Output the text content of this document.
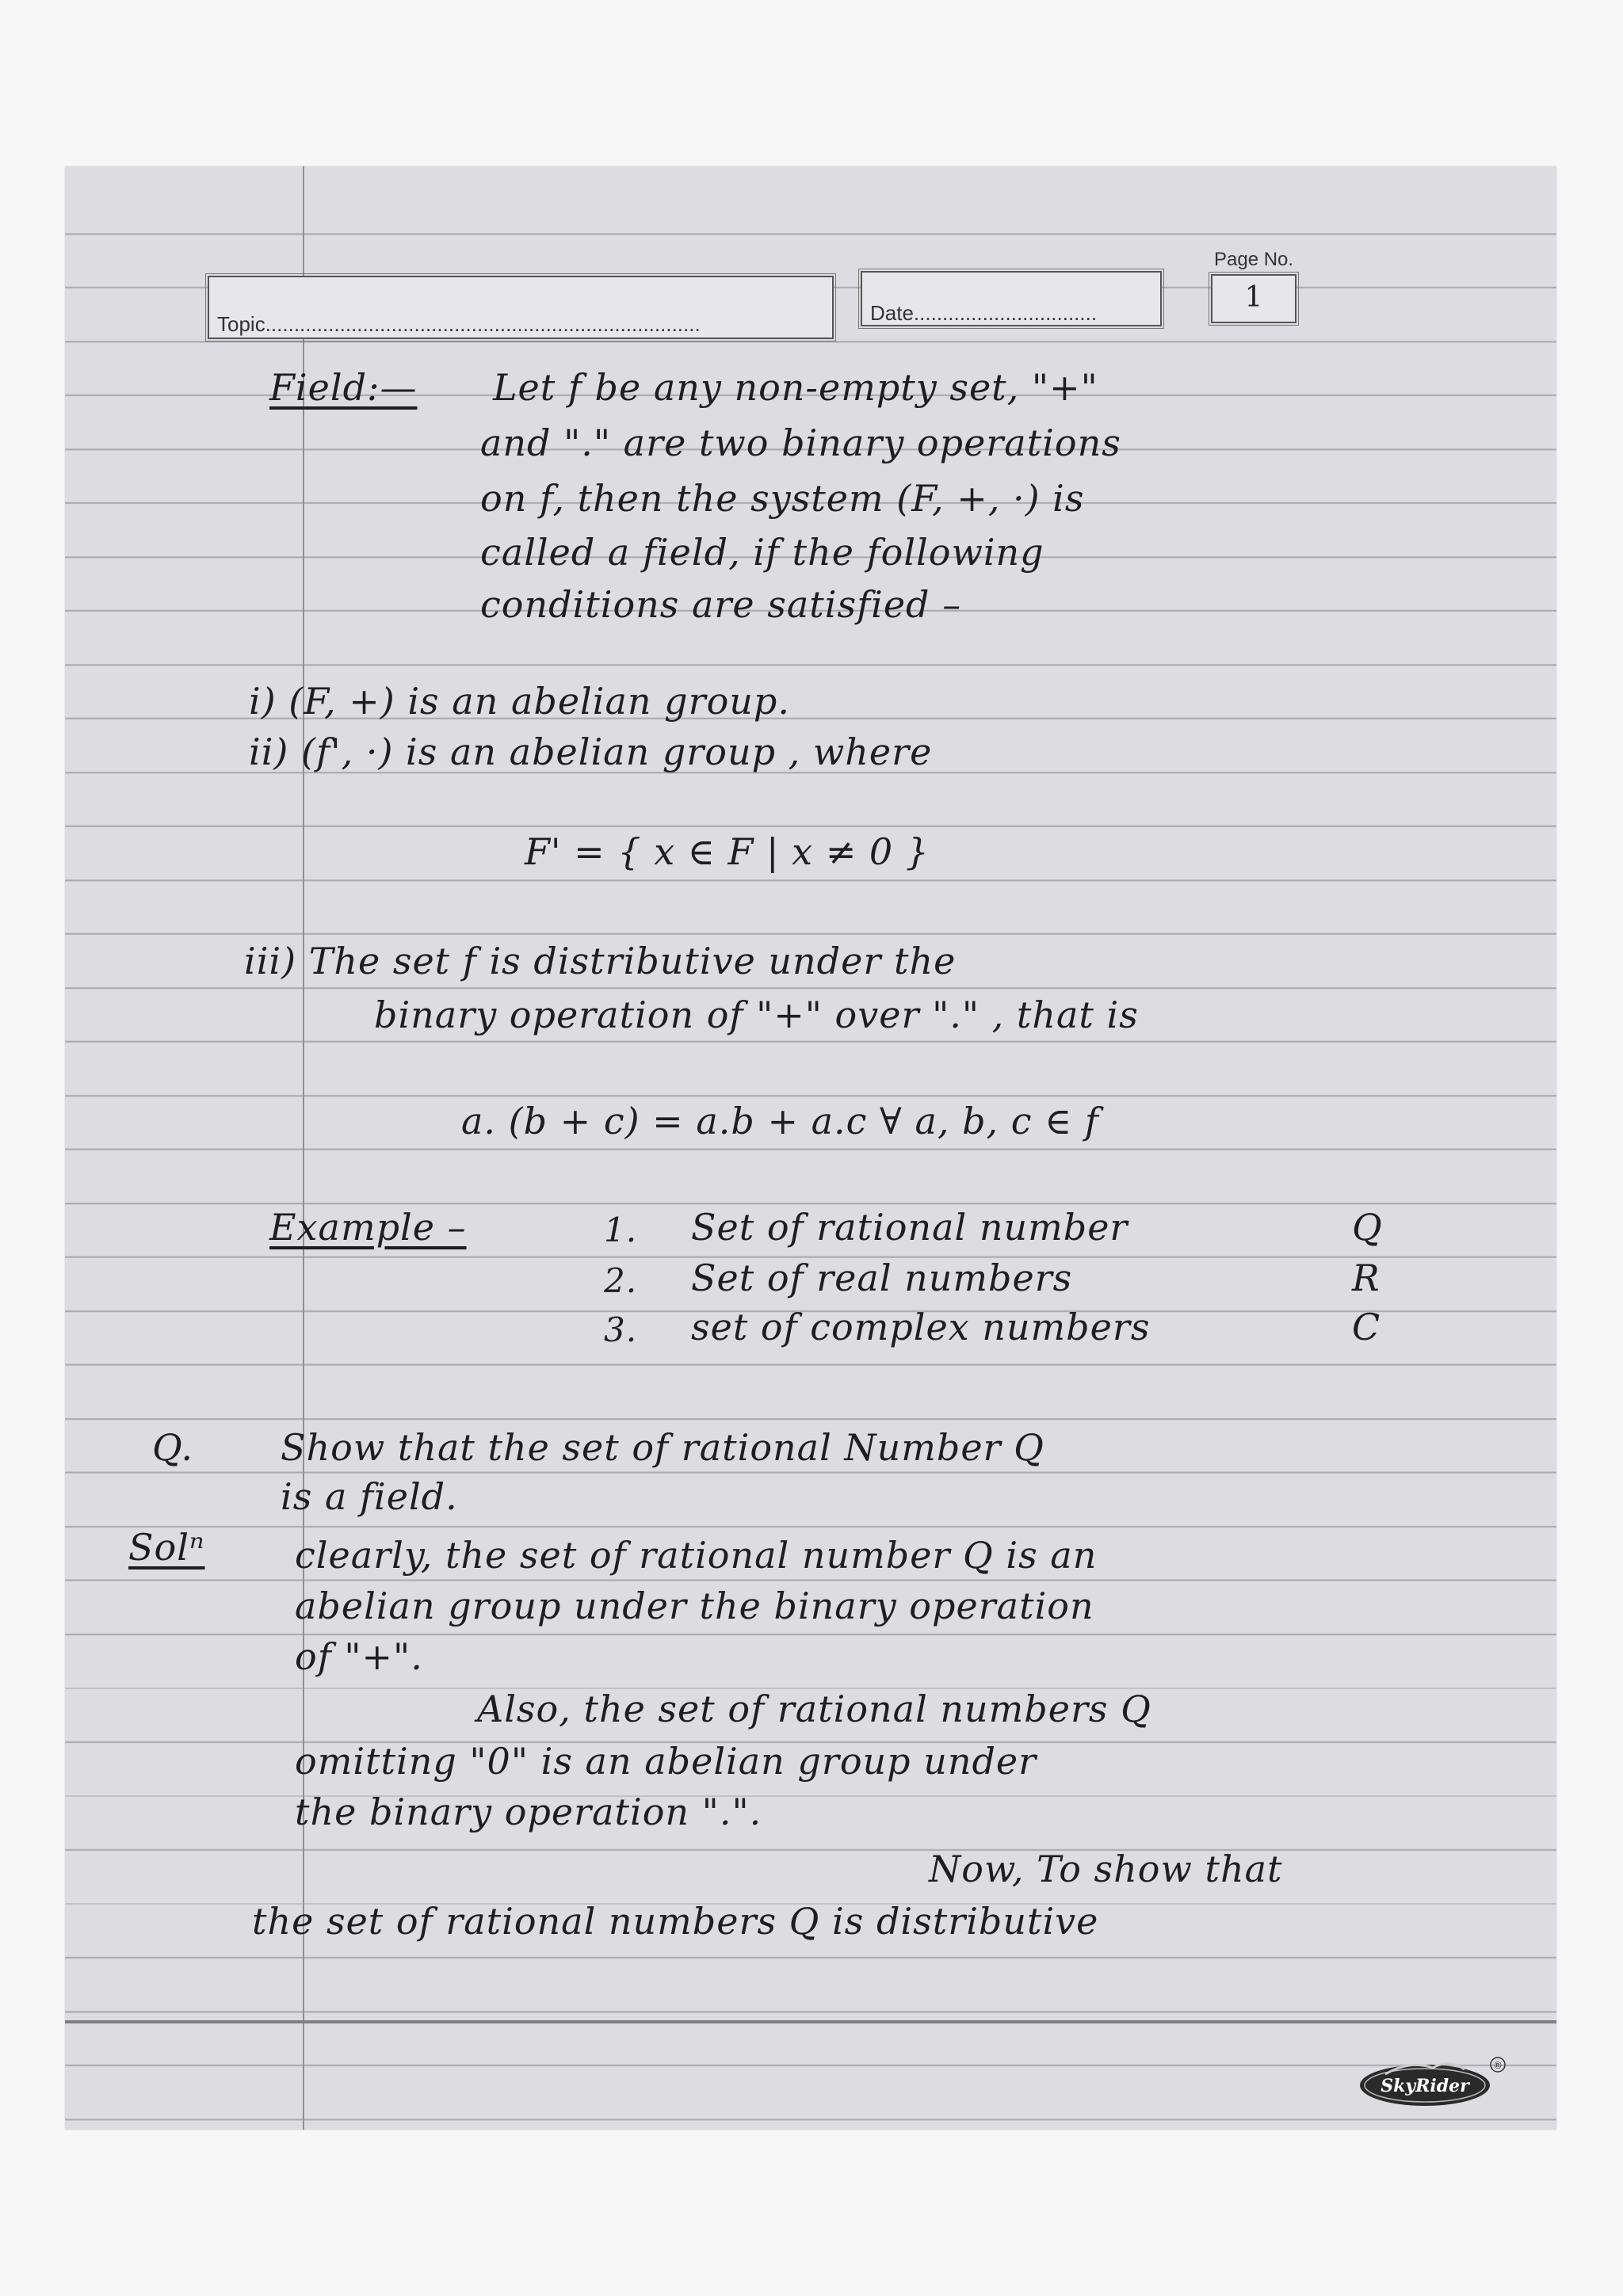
Topic............................................................................	Date................................
Page No.
1
Field:— Let f be any non-empty set, "+"
and "." are two binary operations
on f, then the system (F, +, ·) is
called a field, if the following
conditions are satisfied –
i) (F, +) is an abelian group.
ii) (f', ·) is an abelian group , where
F' = { x ∈ F | x ≠ 0 }
iii) The set f is distributive under the
binary operation of "+" over "." , that is
a. (b + c) = a.b + a.c ∀ a, b, c ∈ f
Example –	1. Set of rational number	Q
2. Set of real numbers	R
3. set of complex numbers	C
Q. Show that the set of rational Number Q
is a field.
Solⁿ clearly, the set of rational number Q is an
abelian group under the binary operation
of "+".
Also, the set of rational numbers Q
omitting "0" is an abelian group under
the binary operation ".".
Now, To show that
the set of rational numbers Q is distributive
SkyRider
®
